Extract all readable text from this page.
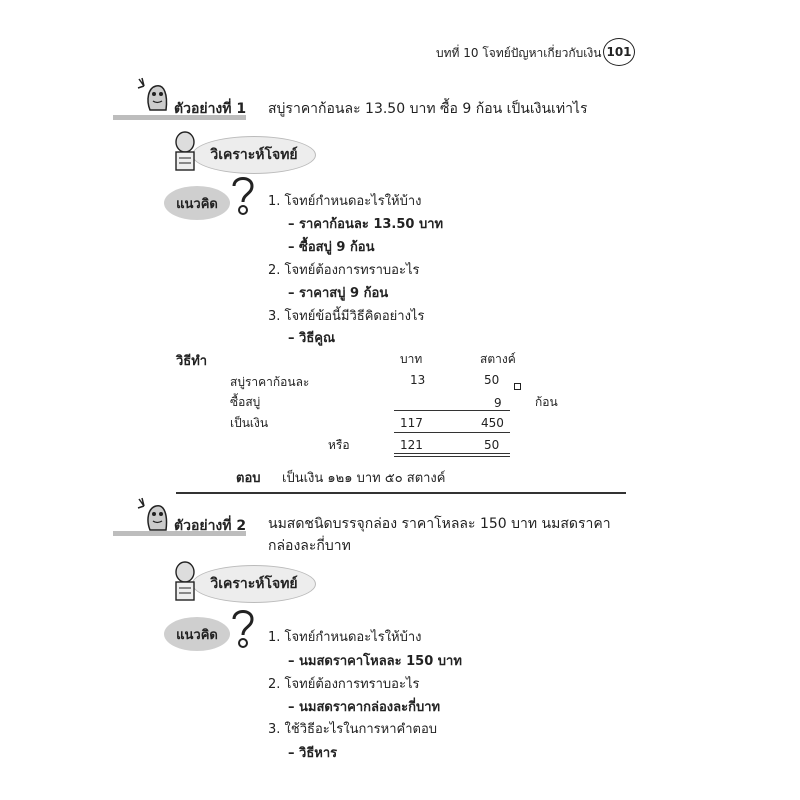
บทที่ 10 โจทย์ปัญหาเกี่ยวกับเงิน 101
ตัวอย่างที่ 1 สบู่ราคาก้อนละ 13.50 บาท ซื้อ 9 ก้อน เป็นเงินเท่าไร
วิเคราะห์โจทย์
แนวคิด	1. โจทย์กำหนดอะไรให้บ้าง
– ราคาก้อนละ 13.50 บาท
– ซื้อสบู่ 9 ก้อน
2. โจทย์ต้องการทราบอะไร
– ราคาสบู่ 9 ก้อน
3. โจทย์ข้อนี้มีวิธีคิดอย่างไร
– วิธีคูณ
วิธีทำ	บาท	สตางค์
สบู่ราคาก้อนละ	13	50
ซื้อสบู่	9	ก้อน
เป็นเงิน	117	450
หรือ	121	50
ตอบ เป็นเงิน ๑๒๑ บาท ๕๐ สตางค์
ตัวอย่างที่ 2 นมสดชนิดบรรจุกล่อง ราคาโหลละ 150 บาท นมสดราคากล่องละกี่บาท
วิเคราะห์โจทย์
แนวคิด	1. โจทย์กำหนดอะไรให้บ้าง
– นมสดราคาโหลละ 150 บาท
2. โจทย์ต้องการทราบอะไร
– นมสดราคากล่องละกี่บาท
3. ใช้วิธีอะไรในการหาคำตอบ
– วิธีหาร
